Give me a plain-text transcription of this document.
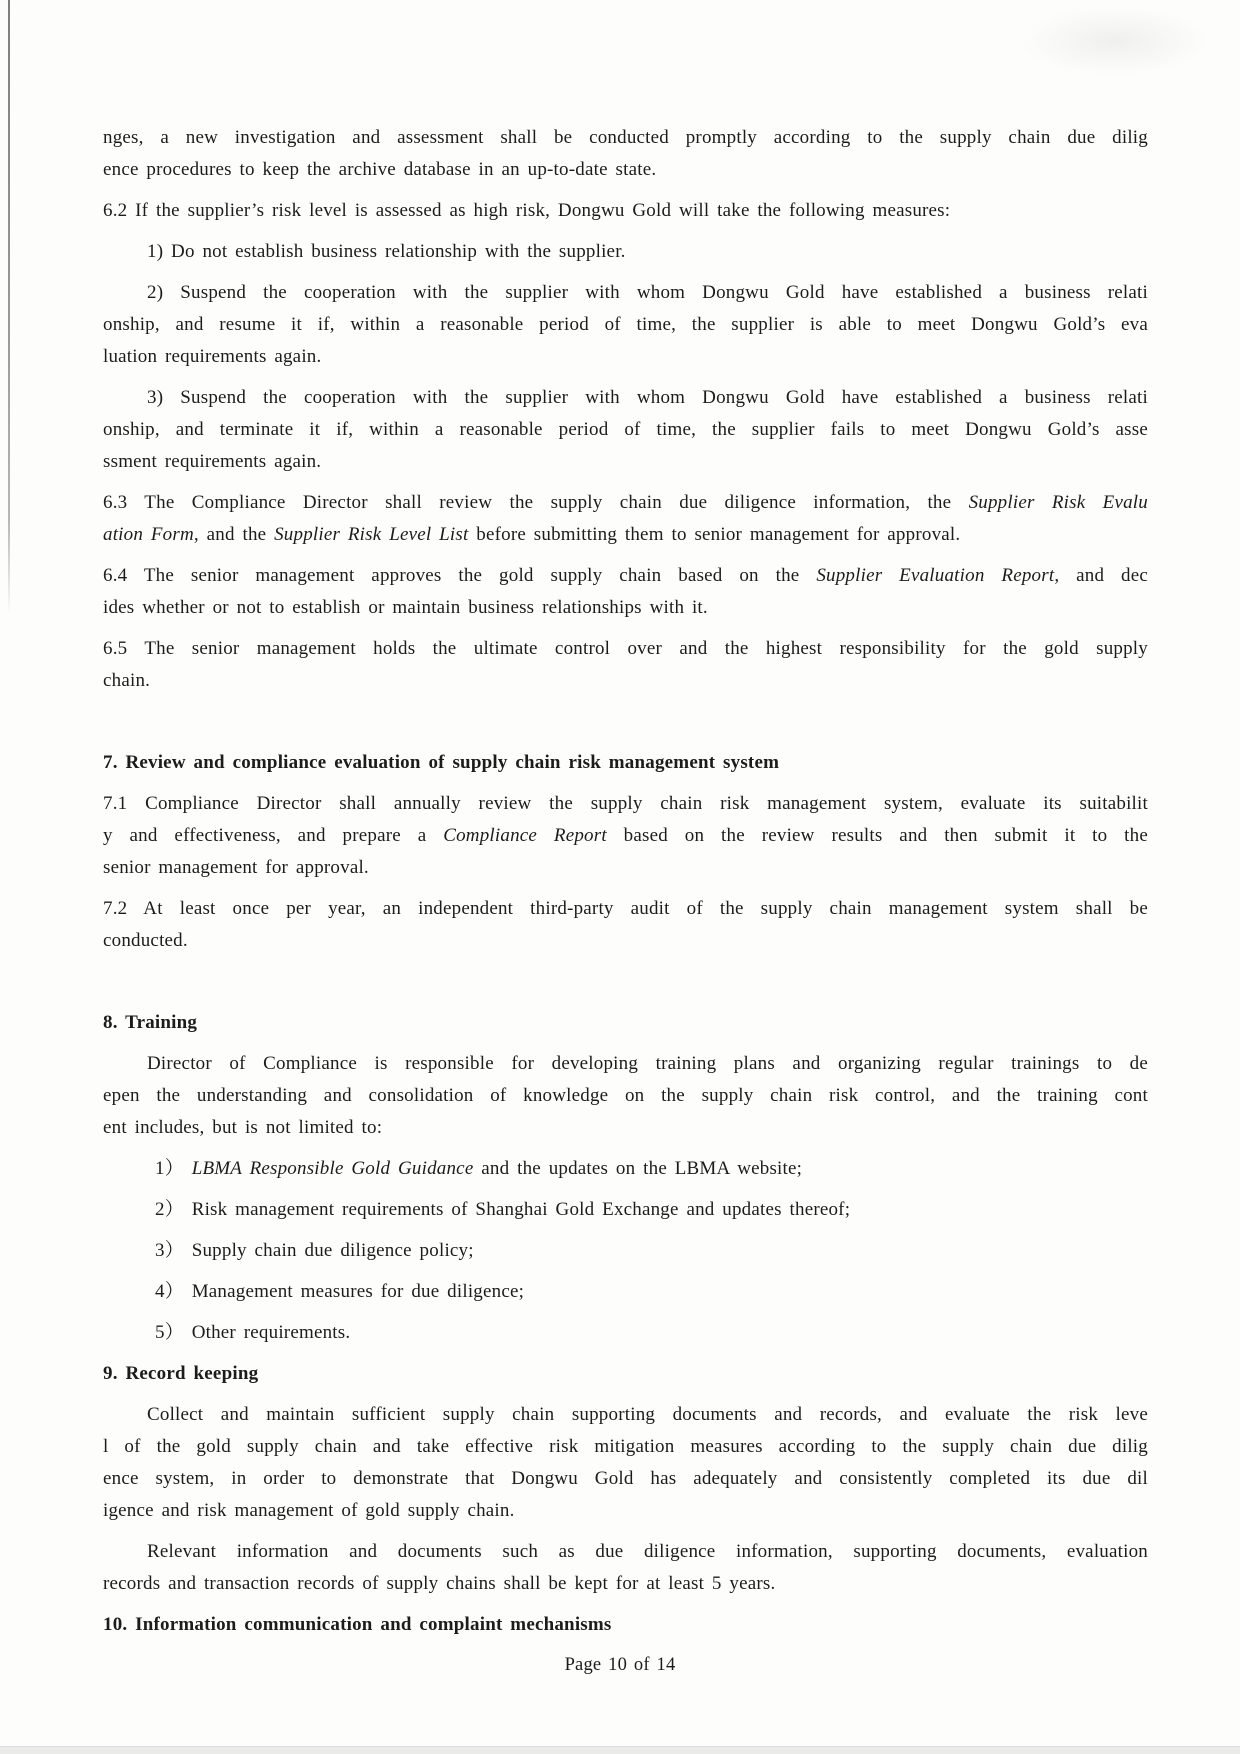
nges, a new investigation and assessment shall be conducted promptly according to the supply chain due dilig
ence procedures to keep the archive database in an up-to-date state.
6.2 If the supplier’s risk level is assessed as high risk, Dongwu Gold will take the following measures:
1) Do not establish business relationship with the supplier.
2) Suspend the cooperation with the supplier with whom Dongwu Gold have established a business relati
onship, and resume it if, within a reasonable period of time, the supplier is able to meet Dongwu Gold’s eva
luation requirements again.
3) Suspend the cooperation with the supplier with whom Dongwu Gold have established a business relati
onship, and terminate it if, within a reasonable period of time, the supplier fails to meet Dongwu Gold’s asse
ssment requirements again.
6.3 The Compliance Director shall review the supply chain due diligence information, the Supplier Risk Evalu
ation Form, and the Supplier Risk Level List before submitting them to senior management for approval.
6.4 The senior management approves the gold supply chain based on the Supplier Evaluation Report, and dec
ides whether or not to establish or maintain business relationships with it.
6.5 The senior management holds the ultimate control over and the highest responsibility for the gold supply
chain.
7. Review and compliance evaluation of supply chain risk management system
7.1 Compliance Director shall annually review the supply chain risk management system, evaluate its suitabilit
y and effectiveness, and prepare a Compliance Report based on the review results and then submit it to the
senior management for approval.
7.2 At least once per year, an independent third-party audit of the supply chain management system shall be
conducted.
8. Training
Director of Compliance is responsible for developing training plans and organizing regular trainings to de
epen the understanding and consolidation of knowledge on the supply chain risk control, and the training cont
ent includes, but is not limited to:
1） LBMA Responsible Gold Guidance and the updates on the LBMA website;
2） Risk management requirements of Shanghai Gold Exchange and updates thereof;
3） Supply chain due diligence policy;
4） Management measures for due diligence;
5） Other requirements.
9. Record keeping
Collect and maintain sufficient supply chain supporting documents and records, and evaluate the risk leve
l of the gold supply chain and take effective risk mitigation measures according to the supply chain due dilig
ence system, in order to demonstrate that Dongwu Gold has adequately and consistently completed its due dil
igence and risk management of gold supply chain.
Relevant information and documents such as due diligence information, supporting documents, evaluation
records and transaction records of supply chains shall be kept for at least 5 years.
10. Information communication and complaint mechanisms
Page 10 of 14
